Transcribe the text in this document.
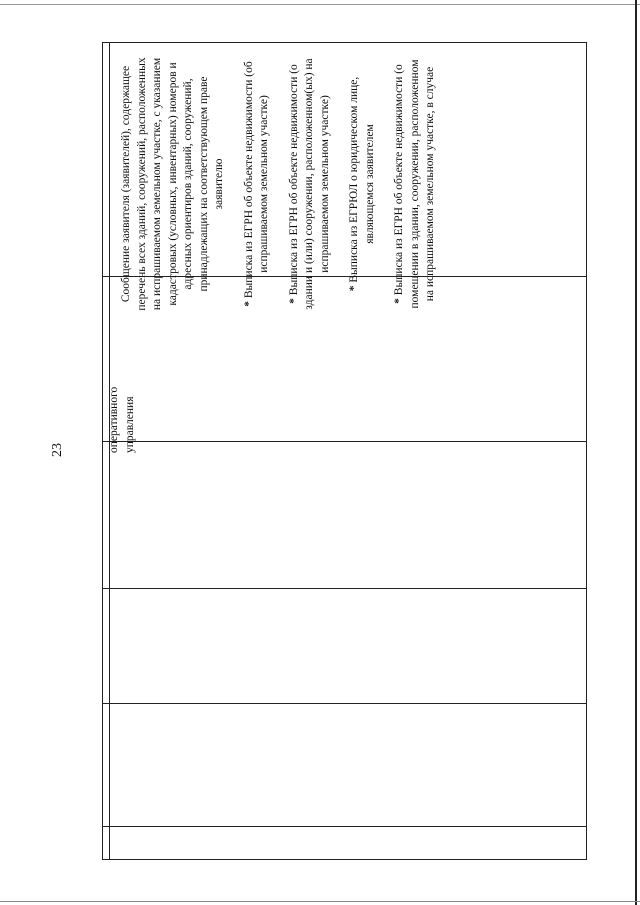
23	оперативного управления

Сообщение заявителя (заявителей), содержащее перечень всех зданий, сооружений, расположенных на испрашиваемом земельном участке, с указанием кадастровых (условных, инвентарных) номеров и адресных ориентиров зданий, сооружений, принадлежащих на соответствующем праве заявителю

* Выписка из ЕГРН об объекте недвижимости (об испрашиваемом земельном участке)

* Выписка из ЕГРН об объекте недвижимости (о здании и (или) сооружении, расположенном(ых) на испрашиваемом земельном участке)

* Выписка из ЕГРЮЛ о юридическом лице, являющемся заявителем

* Выписка из ЕГРН об объекте недвижимости (о помещении в здании, сооружении, расположенном на испрашиваемом земельном участке, в случае
